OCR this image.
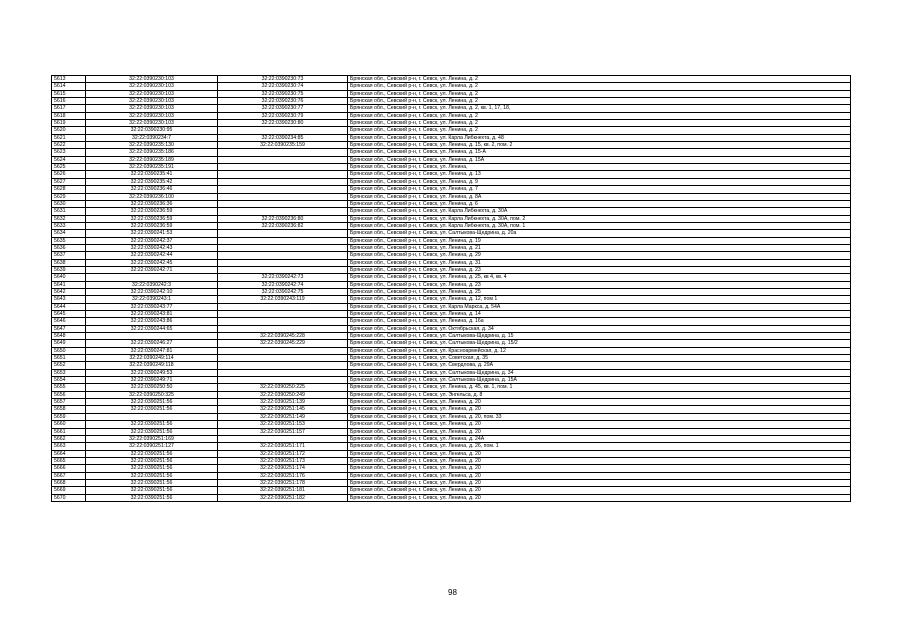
5613	32:22:0390230:103	32:22:0390230:73	Брянская обл., Севский р-н, г. Севск, ул. Ленина, д. 2
5614	32:22:0390230:103	32:22:0390230:74	Брянская обл., Севский р-н, г. Севск, ул. Ленина, д. 2
5615	32:22:0390230:103	32:22:0390230:75	Брянская обл., Севский р-н, г. Севск, ул. Ленина, д. 2
5616	32:22:0390230:103	32:22:0390230:76	Брянская обл., Севский р-н, г. Севск, ул. Ленина, д. 2
5617	32:22:0390230:103	32:22:0390230:77	Брянская обл., Севский р-н, г. Севск, ул. Ленина, д. 2, кв. 1, 17, 18,
5618	32:22:0390230:103	32:22:0390230:79	Брянская обл., Севский р-н, г. Севск, ул. Ленина, д. 2
5619	32:22:0390230:103	32:22:0390230:80	Брянская обл., Севский р-н, г. Севск, ул. Ленина, д. 2
5620	32:22:0390230:95		Брянская обл., Севский р-н, г. Севск, ул. Ленина, д. 2
5621	32:22:0390234:7	32:22:0390234:85	Брянская обл., Севский р-н, г. Севск, ул. Карла Либкнехта, д. 48
5622	32:22:0390235:130	32:22:0390235:159	Брянская обл., Севский р-н, г. Севск, ул. Ленина, д. 15, кв. 2, пом. 2
5623	32:22:0390235:186		Брянская обл., Севский р-н, г. Севск, ул. Ленина, д. 15-А
5624	32:22:0390235:189		Брянская обл., Севский р-н, г. Севск, ул. Ленина, д. 15А
5625	32:22:0390235:191		Брянская обл., Севский р-н, г. Севск, ул. Ленина,
5626	32:22:0390235:41		Брянская обл., Севский р-н, г. Севск, ул. Ленина, д. 13
5627	32:22:0390235:42		Брянская обл., Севский р-н, г. Севск, ул. Ленина, д. 9
5628	32:22:0390236:46		Брянская обл., Севский р-н, г. Севск, ул. Ленина, д. 7
5629	32:22:0390236:100		Брянская обл., Севский р-н, г. Севск, ул. Ленина, д. 8А
5630	32:22:0390236:36		Брянская обл., Севский р-н, г. Севск, ул. Ленина, д. 6
5631	32:22:0390236:59		Брянская обл., Севский р-н, г. Севск, ул. Карла Либкнехта, д. 30А
5632	32:22:0390236:59	32:22:0390236:80	Брянская обл., Севский р-н, г. Севск, ул. Карла Либкнехта, д. 30А, пом. 2
5633	32:22:0390236:59	32:22:0390236:82	Брянская обл., Севский р-н, г. Севск, ул. Карла Либкнехта, д. 30А, пом. 1
5634	32:22:0390241:53		Брянская обл., Севский р-н, г. Севск, ул. Салтыкова-Щедрина, д. 20а
5635	32:22:0390242:37		Брянская обл., Севский р-н, г. Севск, ул. Ленина, д. 19
5636	32:22:0390242:43		Брянская обл., Севский р-н, г. Севск, ул. Ленина, д. 21
5637	32:22:0390242:44		Брянская обл., Севский р-н, г. Севск, ул. Ленина, д. 29
5638	32:22:0390242:45		Брянская обл., Севский р-н, г. Севск, ул. Ленина, д. 31
5639	32:22:0390242:71		Брянская обл., Севский р-н, г. Севск, ул. Ленина, д. 23
5640		32:22:0390242:73	Брянская обл., Севский р-н, г. Севск, ул. Ленина, д. 25, кв 4, кв. 4
5641	32:22:0390242:3	32:22:0390242:74	Брянская обл., Севский р-н, г. Севск, ул. Ленина, д. 23
5642	32:22:0390242:10	32:22:0390242:75	Брянская обл., Севский р-н, г. Севск, ул. Ленина, д. 25
5643	32:22:0390243:1	32:22:0390243:119	Брянская обл., Севский р-н, г. Севск, ул. Ленина, д. 12, пом 1
5644	32:22:0390243:77		Брянская обл., Севский р-н, г. Севск, ул. Карла Маркса, д. 54А
5645	32:22:0390243:81		Брянская обл., Севский р-н, г. Севск, ул. Ленина, д. 14
5646	32:22:0390243:86		Брянская обл., Севский р-н, г. Севск, ул. Ленина, д. 16а
5647	32:22:0390244:65		Брянская обл., Севский р-н, г. Севск, ул. Октябрьская, д. 34
5648		32:22:0390245:228	Брянская обл., Севский р-н, г. Севск, ул. Салтыкова-Щедрина, д. 15
5649	32:22:0390246:27	32:22:0390245:229	Брянская обл., Севский р-н, г. Севск, ул. Салтыкова-Щедрина, д. 15/2
5650	32:22:0390247:81		Брянская обл., Севский р-н, г. Севск, ул. Красноармейская, д. 12
5651	32:22:0390249:114		Брянская обл., Севский р-н, г. Севск, ул. Советская, д. 35
5652	32:22:0390249:118		Брянская обл., Севский р-н, г. Севск, ул. Свердлова, д. 29А
5653	32:22:0390249:53		Брянская обл., Севский р-н, г. Севск, ул. Салтыкова-Щедрина, д. 34
5654	32:22:0390249:71		Брянская обл., Севский р-н, г. Севск, ул. Салтыкова-Щедрина, д. 15А
5655	32:22:0390250:50	32:22:0390250:225	Брянская обл., Севский р-н, г. Севск, ул. Ленина, д. 45, кв. 1, пом. 1
5656	32:22:0390250:325	32:22:0390250:249	Брянская обл., Севский р-н, г. Севск, ул. Энгельса, д. 8
5657	32:22:0390251:56	32:22:0390251:139	Брянская обл., Севский р-н, г. Севск, ул. Ленина, д. 20
5658	32:22:0390251:56	32:22:0390251:145	Брянская обл., Севский р-н, г. Севск, ул. Ленина, д. 20
5659		32:22:0390251:149	Брянская обл., Севский р-н, г. Севск, ул. Ленина, д. 20, пом. 33
5660	32:22:0390251:56	32:22:0390251:153	Брянская обл., Севский р-н, г. Севск, ул. Ленина, д. 20
5661	32:22:0390251:56	32:22:0390251:157	Брянская обл., Севский р-н, г. Севск, ул. Ленина, д. 20
5662	32:22:0390251:169		Брянская обл., Севский р-н, г. Севск, ул. Ленина, д. 24А
5663	32:22:0390251:127	32:22:0390251:171	Брянская обл., Севский р-н, г. Севск, ул. Ленина, д. 26, пом. 1
5664	32:22:0390251:56	32:22:0390251:172	Брянская обл., Севский р-н, г. Севск, ул. Ленина, д. 20
5665	32:22:0390251:56	32:22:0390251:173	Брянская обл., Севский р-н, г. Севск, ул. Ленина, д. 20
5666	32:22:0390251:56	32:22:0390251:174	Брянская обл., Севский р-н, г. Севск, ул. Ленина, д. 20
5667	32:22:0390251:56	32:22:0390251:176	Брянская обл., Севский р-н, г. Севск, ул. Ленина, д. 20
5668	32:22:0390251:56	32:22:0390251:178	Брянская обл., Севский р-н, г. Севск, ул. Ленина, д. 20
5669	32:22:0390251:56	32:22:0390251:181	Брянская обл., Севский р-н, г. Севск, ул. Ленина, д. 20
5670	32:22:0390251:56	32:22:0390251:182	Брянская обл., Севский р-н, г. Севск, ул. Ленина, д. 20
98
